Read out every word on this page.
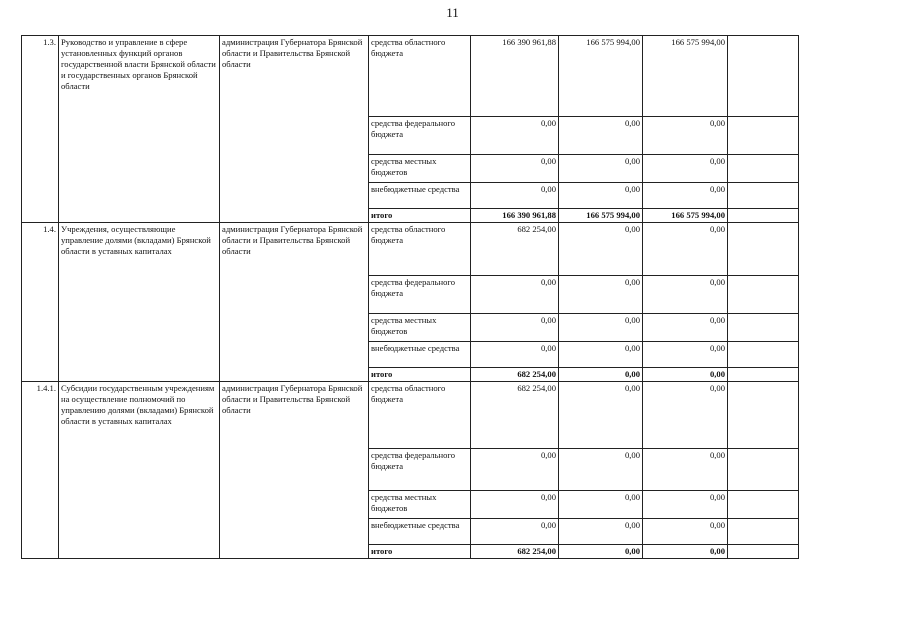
11
1.3.	Руководство и управление в сфере установленных функций органов государственной власти Брянской области и государственных органов Брянской области	администрация Губернатора Брянской области и Правительства Брянской области	средства областного бюджета	166 390 961,88	166 575 994,00	166 575 994,00	
			средства федерального бюджета	0,00	0,00	0,00	
			средства местных бюджетов	0,00	0,00	0,00	
			внебюджетные средства	0,00	0,00	0,00	
			итого	166 390 961,88	166 575 994,00	166 575 994,00	
1.4.	Учреждения, осуществляющие управление долями (вкладами) Брянской области в уставных капиталах	администрация Губернатора Брянской области и Правительства Брянской области	средства областного бюджета	682 254,00	0,00	0,00	
			средства федерального бюджета	0,00	0,00	0,00	
			средства местных бюджетов	0,00	0,00	0,00	
			внебюджетные средства	0,00	0,00	0,00	
			итого	682 254,00	0,00	0,00	
1.4.1.	Субсидии государственным учреждениям на осуществление полномочий по управлению долями (вкладами) Брянской области в уставных капиталах	администрация Губернатора Брянской области и Правительства Брянской области	средства областного бюджета	682 254,00	0,00	0,00	
			средства федерального бюджета	0,00	0,00	0,00	
			средства местных бюджетов	0,00	0,00	0,00	
			внебюджетные средства	0,00	0,00	0,00	
			итого	682 254,00	0,00	0,00	
